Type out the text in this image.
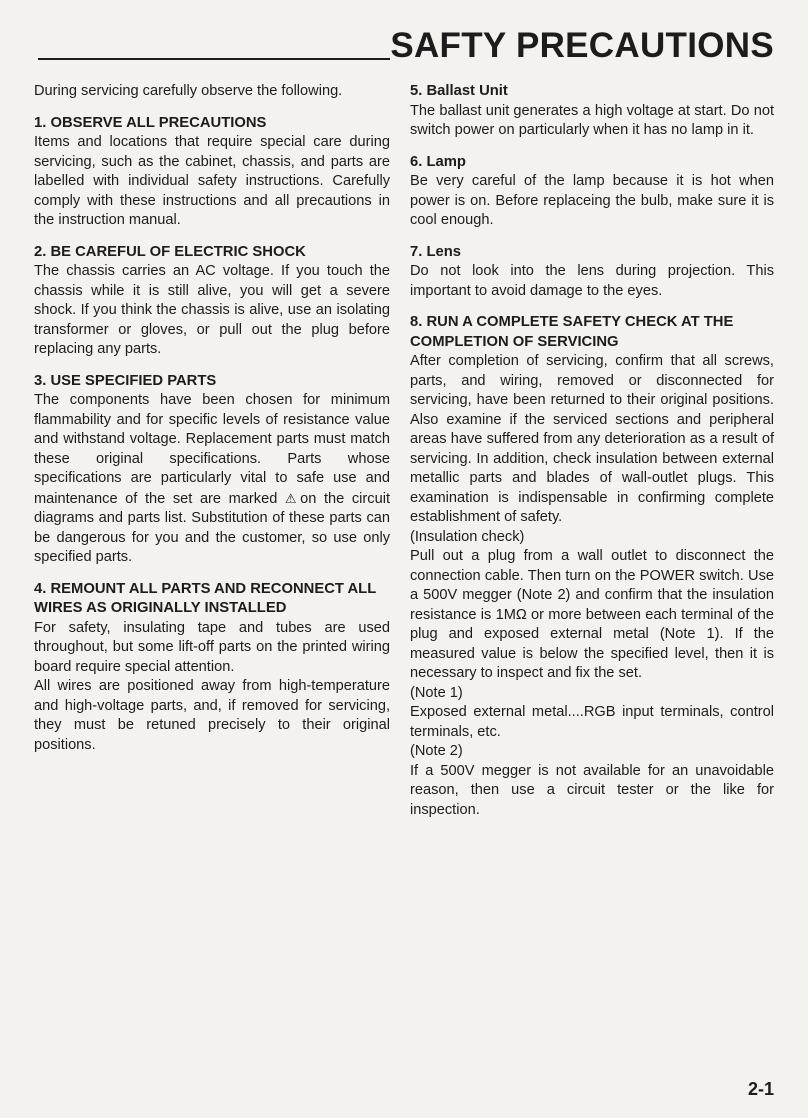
SAFTY PRECAUTIONS

During servicing carefully observe the following.

1. OBSERVE ALL PRECAUTIONS

Items and locations that require special care during servicing, such as the cabinet, chassis, and parts are labelled with individual safety instructions. Carefully comply with these instructions and all precautions in the instruction manual.

2. BE CAREFUL OF ELECTRIC SHOCK

The chassis carries an AC voltage. If you touch the chassis while it is still alive, you will get a severe shock. If you think the chassis is alive, use an isolating transformer or gloves, or pull out the plug before replacing any parts.

3. USE SPECIFIED PARTS

The components have been chosen for minimum flammability and for specific levels of resistance value and withstand voltage. Replacement parts must match these original specifications. Parts whose specifications are particularly vital to safe use and maintenance of the set are marked ⚠on the circuit diagrams and parts list. Substitution of these parts can be dangerous for you and the customer, so use only specified parts.

4. REMOUNT ALL PARTS AND RECONNECT ALL WIRES AS ORIGINALLY INSTALLED

For safety, insulating tape and tubes are used throughout, but some lift-off parts on the printed wiring board require special attention.

All wires are positioned away from high-temperature and high-voltage parts, and, if removed for servicing, they must be retuned precisely to their original positions.

5. Ballast Unit

The ballast unit generates a high voltage at start. Do not switch power on particularly when it has no lamp in it.

6. Lamp

Be very careful of the lamp because it is hot when power is on. Before replaceing the bulb, make sure it is cool enough.

7. Lens

Do not look into the lens during projection. This important to avoid damage to the eyes.

8. RUN A COMPLETE SAFETY CHECK AT THE COMPLETION OF SERVICING

After completion of servicing, confirm that all screws, parts, and wiring, removed or disconnected for servicing, have been returned to their original positions. Also examine if the serviced sections and peripheral areas have suffered from any deterioration as a result of servicing. In addition, check insulation between external metallic parts and blades of wall-outlet plugs. This examination is indispensable in confirming complete establishment of safety.

(Insulation check)

Pull out a plug from a wall outlet to disconnect the connection cable. Then turn on the POWER switch. Use a 500V megger (Note 2) and confirm that the insulation resistance is 1MΩ or more between each terminal of the plug and exposed external metal (Note 1). If the measured value is below the specified level, then it is necessary to inspect and fix the set.

(Note 1)

Exposed external metal....RGB input terminals, control terminals, etc.

(Note 2)

If a 500V megger is not available for an unavoidable reason, then use a circuit tester or the like for inspection.

2-1
